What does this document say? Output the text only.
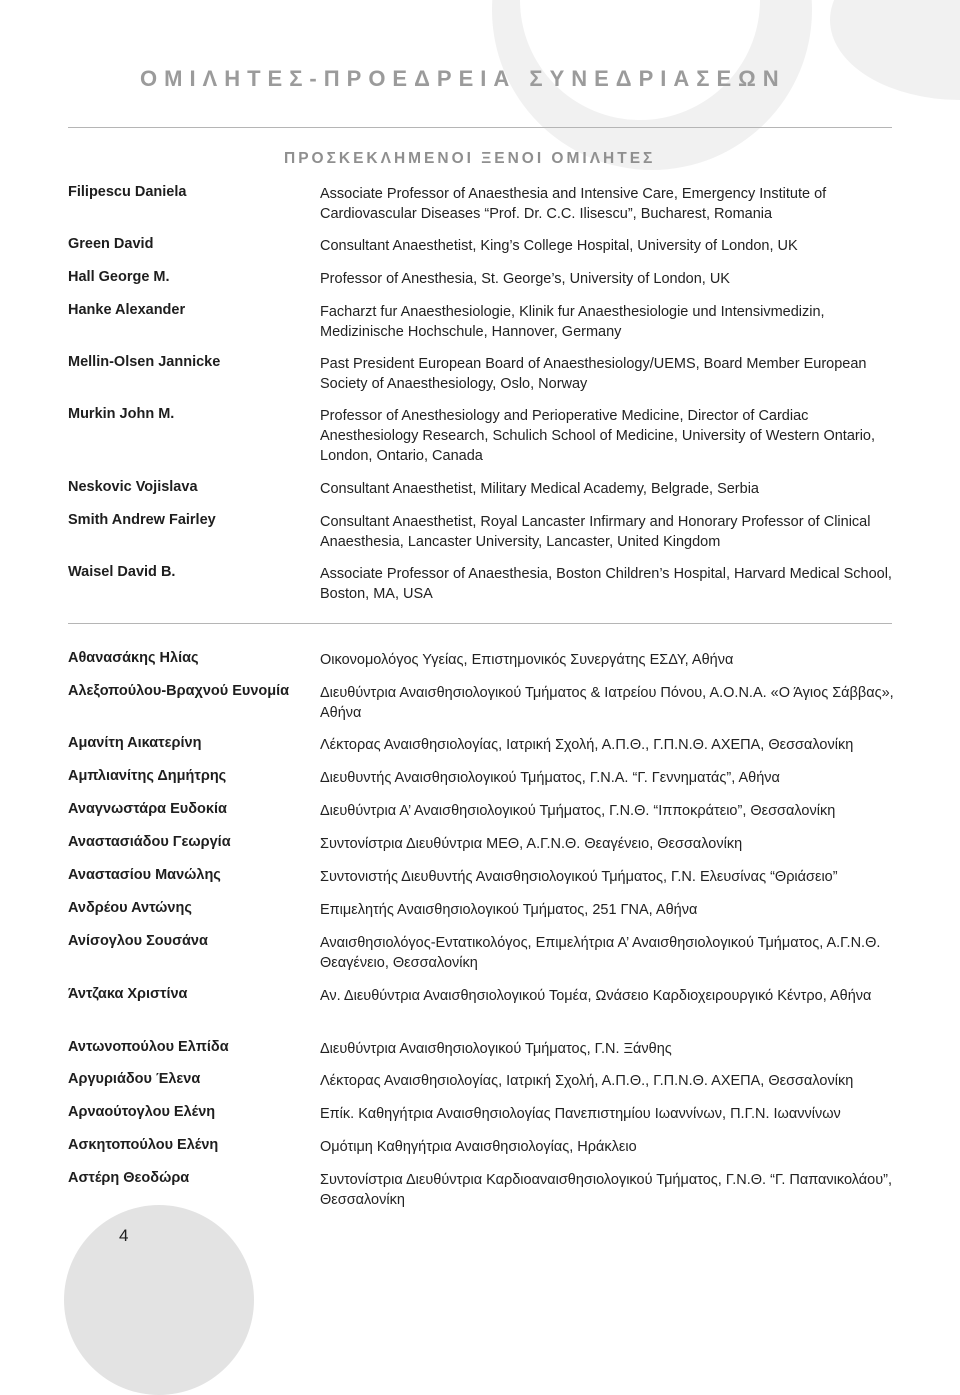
ΟΜΙΛΗΤΕΣ-ΠΡΟΕΔΡΕΙΑ ΣΥΝΕΔΡΙΑΣΕΩΝ
ΠΡΟΣΚΕΚΛΗΜΕΝΟΙ ΞΕΝΟΙ ΟΜΙΛΗΤΕΣ
Filipescu Daniela	Associate Professor of Anaesthesia and Intensive Care, Emergency Institute of Cardiovascular Diseases “Prof. Dr. C.C. Ilisescu”, Bucharest, Romania
Green David	Consultant Anaesthetist, King’s College Hospital, University of London, UK
Hall George M.	Professor of Anesthesia, St. George’s, University of London, UK
Hanke Alexander	Facharzt fur Anaesthesiologie, Klinik fur Anaesthesiologie und Intensivmedizin, Medizinische Hochschule, Hannover, Germany
Mellin-Olsen Jannicke	Past President European Board of Anaesthesiology/UEMS, Board Member European Society of Anaesthesiology, Oslo, Norway
Murkin John M.	Professor of Anesthesiology and Perioperative Medicine, Director of Cardiac Anesthesiology Research, Schulich School of Medicine, University of Western Ontario, London, Ontario, Canada
Neskovic Vojislava	Consultant Anaesthetist, Military Medical Academy, Belgrade, Serbia
Smith Andrew Fairley	Consultant Anaesthetist, Royal Lancaster Infirmary and Honorary Professor of Clinical Anaesthesia, Lancaster University, Lancaster, United Kingdom
Waisel David B.	Associate Professor of Anaesthesia, Boston Children’s Hospital, Harvard Medical School, Boston, MA, USA
Αθανασάκης Ηλίας	Οικονομολόγος Υγείας, Επιστημονικός Συνεργάτης ΕΣΔΥ, Αθήνα
Αλεξοπούλου-Βραχνού Ευνομία	Διευθύντρια Αναισθησιολογικού Τμήματος & Ιατρείου Πόνου, Α.Ο.Ν.Α. «Ο Άγιος Σάββας», Αθήνα
Αμανίτη Αικατερίνη	Λέκτορας Αναισθησιολογίας, Ιατρική Σχολή, Α.Π.Θ., Γ.Π.Ν.Θ. ΑΧΕΠΑ, Θεσσαλονίκη
Αμπλιανίτης Δημήτρης	Διευθυντής Αναισθησιολογικού Τμήματος, Γ.Ν.Α. “Γ. Γεννηματάς”, Αθήνα
Αναγνωστάρα Ευδοκία	Διευθύντρια Α’ Αναισθησιολογικού Τμήματος, Γ.Ν.Θ. “Ιπποκράτειο”, Θεσσαλονίκη
Αναστασιάδου Γεωργία	Συντονίστρια Διευθύντρια ΜΕΘ, Α.Γ.Ν.Θ. Θεαγένειο, Θεσσαλονίκη
Αναστασίου Μανώλης	Συντονιστής Διευθυντής Αναισθησιολογικού Τμήματος, Γ.Ν. Ελευσίνας “Θριάσειο”
Ανδρέου Αντώνης	Επιμελητής Αναισθησιολογικού Τμήματος, 251 ΓΝΑ, Αθήνα
Ανίσογλου Σουσάνα	Αναισθησιολόγος-Εντατικολόγος, Επιμελήτρια Α’ Αναισθησιολογικού Τμήματος, Α.Γ.Ν.Θ. Θεαγένειο, Θεσσαλονίκη
Άντζακα Χριστίνα	Αν. Διευθύντρια Αναισθησιολογικού Τομέα, Ωνάσειο Καρδιοχειρουργικό Κέντρο, Αθήνα
Αντωνοπούλου Ελπίδα	Διευθύντρια Αναισθησιολογικού Τμήματος, Γ.Ν. Ξάνθης
Αργυριάδου Έλενα	Λέκτορας Αναισθησιολογίας, Ιατρική Σχολή, Α.Π.Θ., Γ.Π.Ν.Θ. ΑΧΕΠΑ, Θεσσαλονίκη
Αρναούτογλου Ελένη	Επίκ. Καθηγήτρια Αναισθησιολογίας Πανεπιστημίου Ιωαννίνων, Π.Γ.Ν. Ιωαννίνων
Ασκητοπούλου Ελένη	Ομότιμη Καθηγήτρια Αναισθησιολογίας, Ηράκλειο
Αστέρη Θεοδώρα	Συντονίστρια Διευθύντρια Καρδιοαναισθησιολογικού Τμήματος, Γ.Ν.Θ. “Γ. Παπανικολάου”, Θεσσαλονίκη
4
